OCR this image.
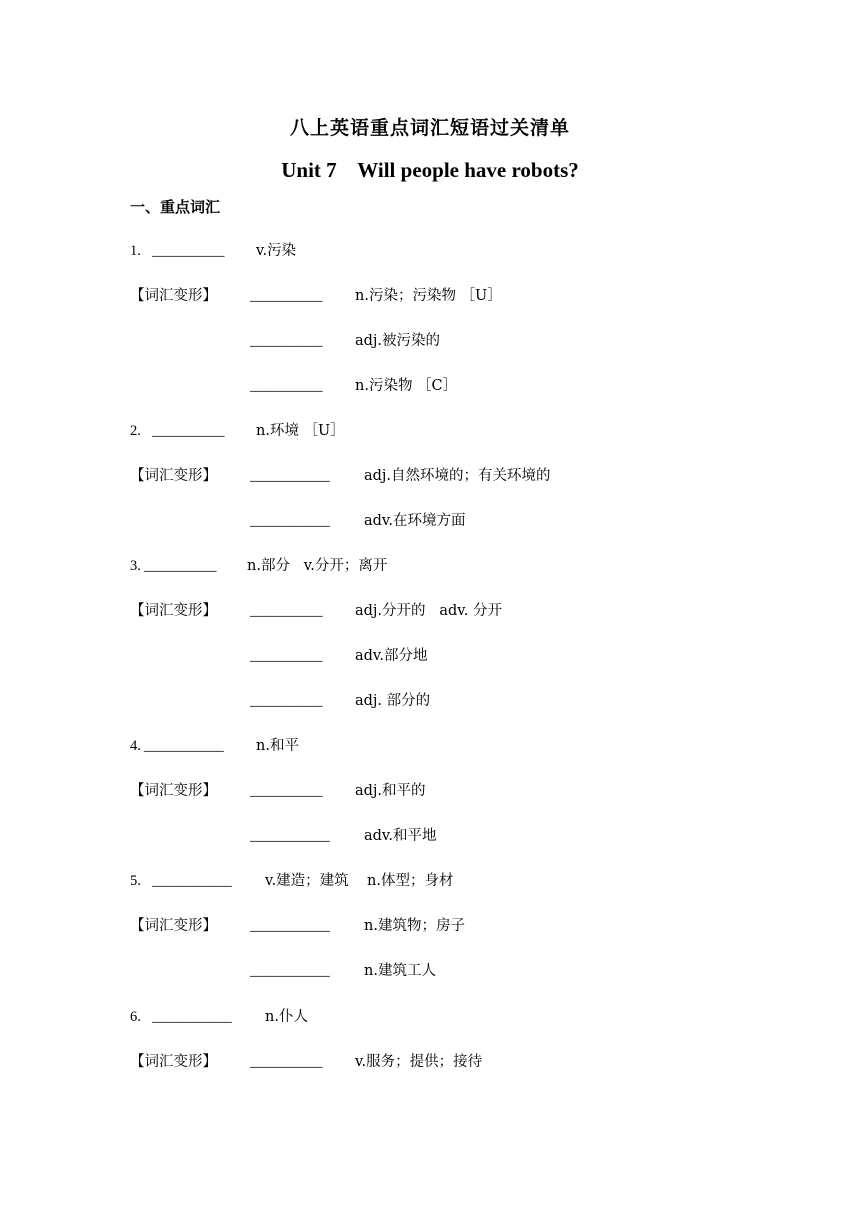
八上英语重点词汇短语过关清单
Unit 7    Will people have robots?
一、重点词汇
1. __________ v.污染
【词汇变形】 __________ n.污染；污染物 ［U］
__________ adj.被污染的
__________ n.污染物 ［C］
2. __________ n.环境 ［U］
【词汇变形】 ___________ adj.自然环境的；有关环境的
___________ adv.在环境方面
3. __________ n.部分   v.分开；离开
【词汇变形】 __________ adj.分开的   adv. 分开
__________ adv.部分地
__________ adj. 部分的
4. ___________ n.和平
【词汇变形】 __________ adj.和平的
___________ adv.和平地
5. ___________ v.建造；建筑    n.体型；身材
【词汇变形】 ___________ n.建筑物；房子
___________ n.建筑工人
6. ___________ n.仆人
【词汇变形】 __________ v.服务；提供；接待
